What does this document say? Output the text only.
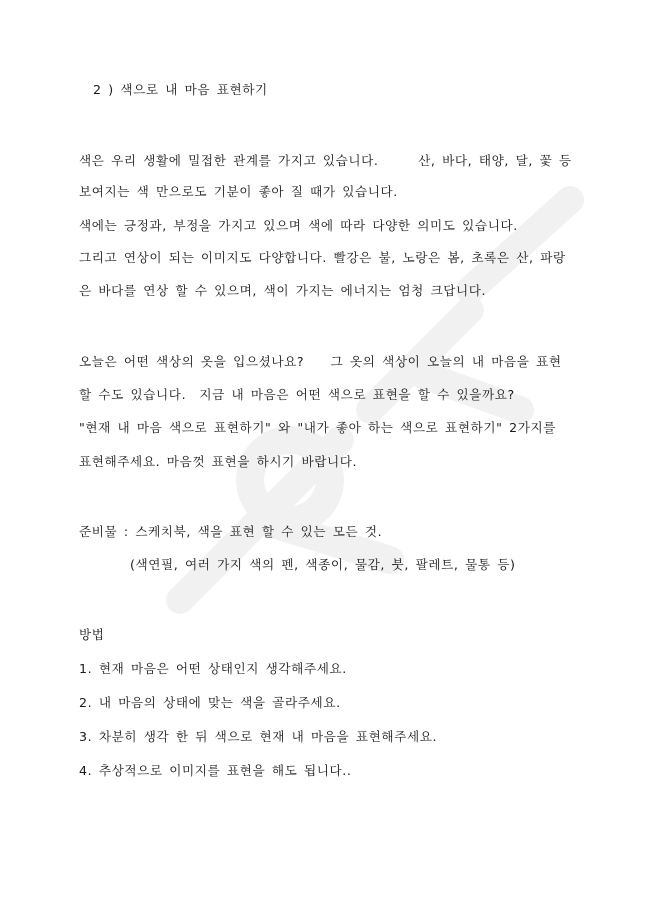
2 ) 색으로 내 마음 표현하기
색은 우리 생활에 밀접한 관계를 가지고 있습니다.      산, 바다, 태양, 달, 꽃 등
보여지는 색 만으로도 기분이 좋아 질 때가 있습니다.
색에는 긍정과, 부정을 가지고 있으며 색에 따라 다양한 의미도 있습니다.
그리고 연상이 되는 이미지도 다양합니다. 빨강은 불, 노랑은 봄, 초록은 산, 파랑
은 바다를 연상 할 수 있으며, 색이 가지는 에너지는 엄청 크답니다.
오늘은 어떤 색상의 옷을 입으셨나요?    그 옷의 색상이 오늘의 내 마음을 표현
할 수도 있습니다.  지금 내 마음은 어떤 색으로 표현을 할 수 있을까요?
"현재 내 마음 색으로 표현하기" 와 "내가 좋아 하는 색으로 표현하기" 2가지를
표현해주세요. 마음껏 표현을 하시기 바랍니다.
준비물 : 스케치북, 색을 표현 할 수 있는 모든 것.
(색연필, 여러 가지 색의 펜, 색종이, 물감, 붓, 팔레트, 물통 등)
방법
1. 현재 마음은 어떤 상태인지 생각해주세요.
2. 내 마음의 상태에 맞는 색을 골라주세요.
3. 차분히 생각 한 뒤 색으로 현재 내 마음을 표현해주세요.
4. 추상적으로 이미지를 표현을 해도 됩니다..
